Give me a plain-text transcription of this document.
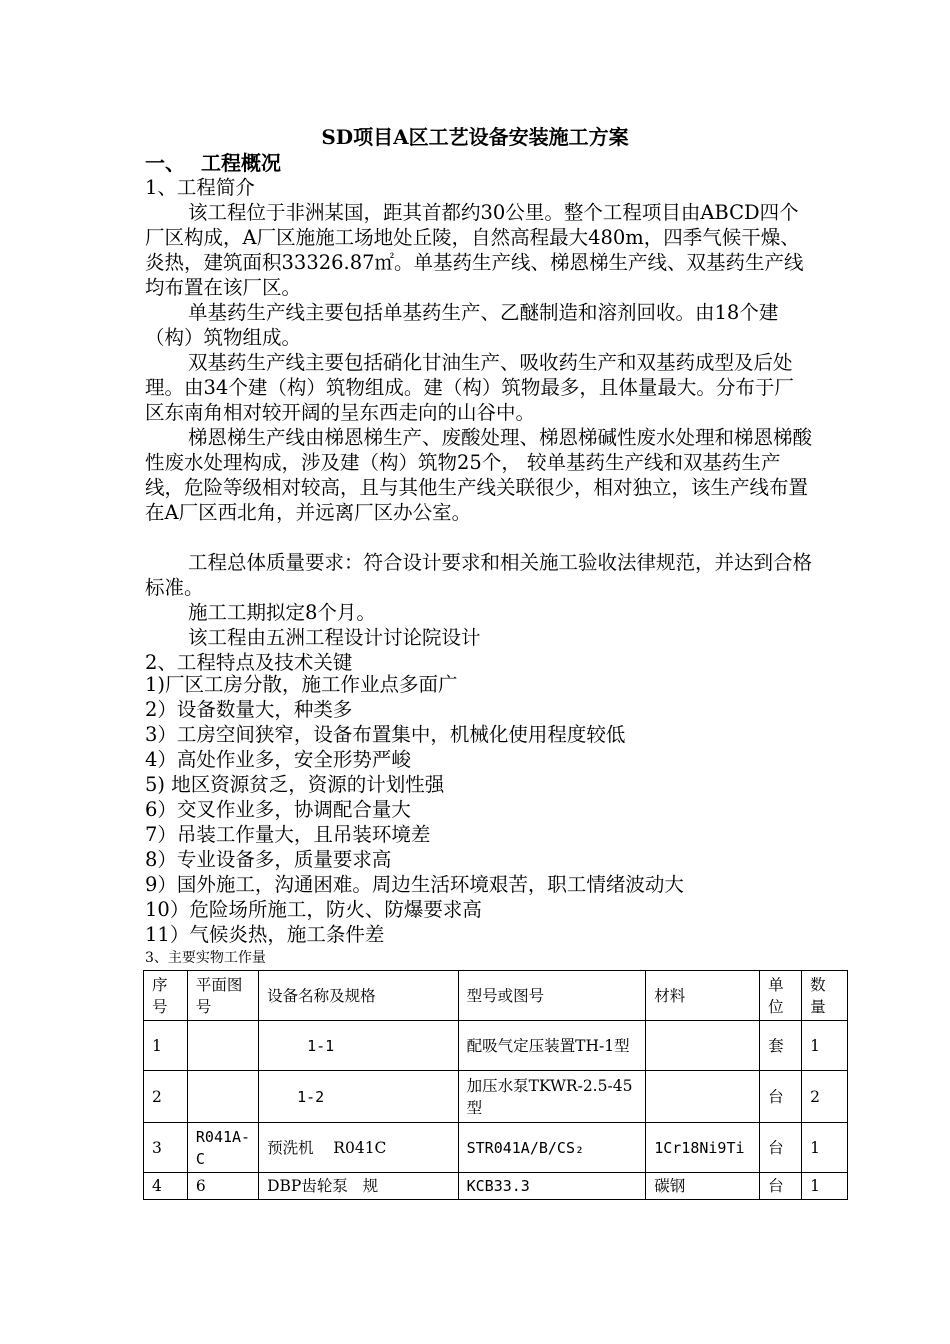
SD项目A区工艺设备安装施工方案
一、 工程概况
1、工程简介
该工程位于非洲某国，距其首都约30公里。整个工程项目由ABCD四个厂区构成，A厂区施施工场地处丘陵，自然高程最大480m，四季气候干燥、炎热，建筑面积33326.87㎡。单基药生产线、梯恩梯生产线、双基药生产线均布置在该厂区。
单基药生产线主要包括单基药生产、乙醚制造和溶剂回收。由18个建（构）筑物组成。
双基药生产线主要包括硝化甘油生产、吸收药生产和双基药成型及后处理。由34个建（构）筑物组成。建（构）筑物最多，且体量最大。分布于厂区东南角相对较开阔的呈东西走向的山谷中。
梯恩梯生产线由梯恩梯生产、废酸处理、梯恩梯碱性废水处理和梯恩梯酸性废水处理构成，涉及建（构）筑物25个， 较单基药生产线和双基药生产线，危险等级相对较高，且与其他生产线关联很少，相对独立，该生产线布置在A厂区西北角，并远离厂区办公室。
工程总体质量要求：符合设计要求和相关施工验收法律规范，并达到合格标准。
施工工期拟定8个月。
该工程由五洲工程设计讨论院设计
2、工程特点及技术关键
1)厂区工房分散，施工作业点多面广
2）设备数量大，种类多
3）工房空间狭窄，设备布置集中，机械化使用程度较低
4）高处作业多，安全形势严峻
5) 地区资源贫乏，资源的计划性强
6）交叉作业多，协调配合量大
7）吊装工作量大，且吊装环境差
8）专业设备多，质量要求高
9）国外施工，沟通困难。周边生活环境艰苦，职工情绪波动大
10）危险场所施工，防火、防爆要求高
11）气候炎热，施工条件差
3、主要实物工作量
序号	平面图号	设备名称及规格	型号或图号	材料	单位	数量
1		1-1	配吸气定压装置TH-1型		套	1
2		1-2	加压水泵TKWR-2.5-45型		台	2
3	R041A-C	预洗机    R041C	STR041A/B/CS₂	1Cr18Ni9Ti	台	1
4	6	DBP齿轮泵   规	KCB33.3	碳钢	台	1
